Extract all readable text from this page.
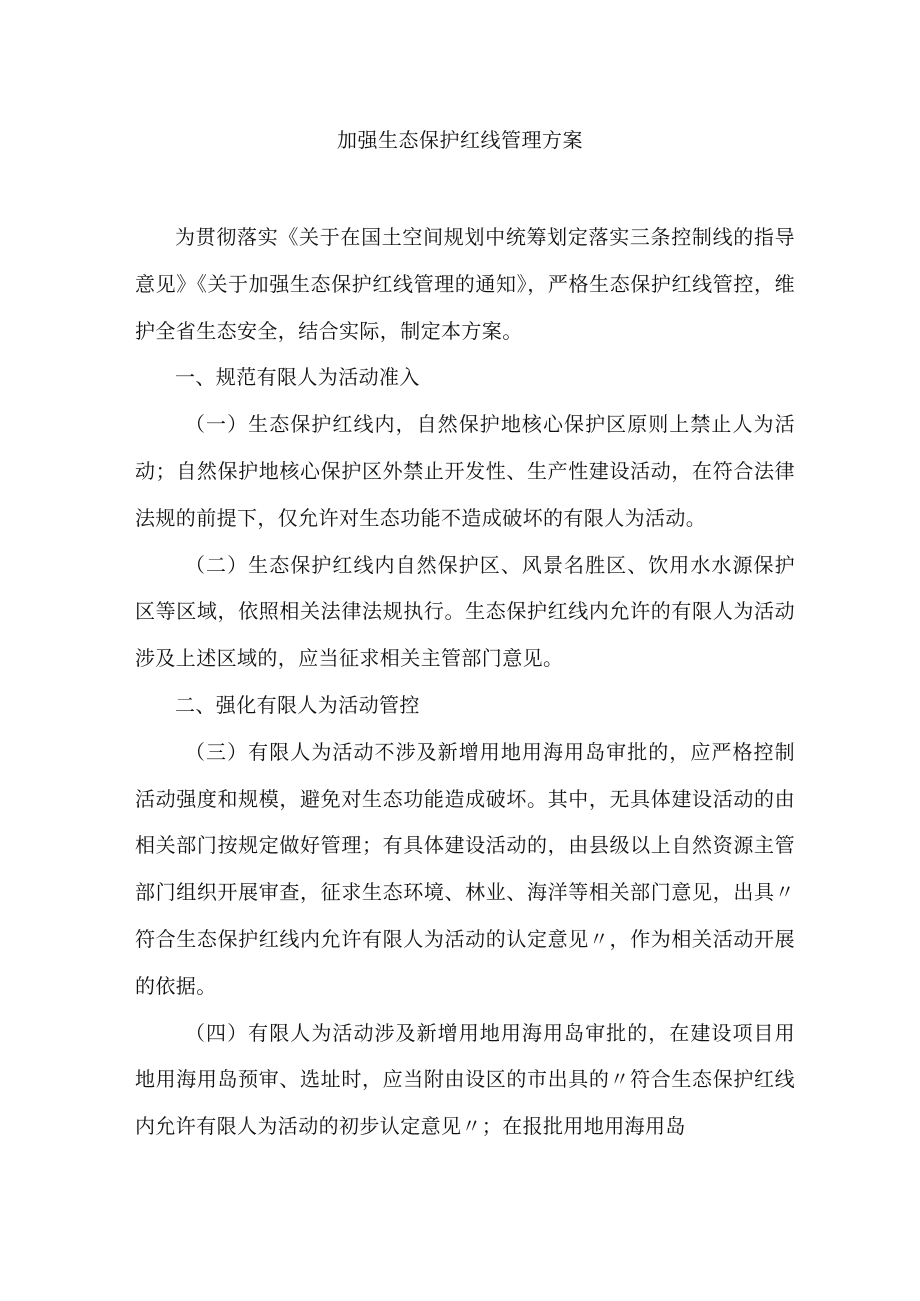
加强生态保护红线管理方案

为贯彻落实《关于在国土空间规划中统筹划定落实三条控制线的指导意见》《关于加强生态保护红线管理的通知》，严格生态保护红线管控，维护全省生态安全，结合实际，制定本方案。

一、规范有限人为活动准入

（一）生态保护红线内，自然保护地核心保护区原则上禁止人为活动；自然保护地核心保护区外禁止开发性、生产性建设活动，在符合法律法规的前提下，仅允许对生态功能不造成破坏的有限人为活动。

（二）生态保护红线内自然保护区、风景名胜区、饮用水水源保护区等区域，依照相关法律法规执行。生态保护红线内允许的有限人为活动涉及上述区域的，应当征求相关主管部门意见。

二、强化有限人为活动管控

（三）有限人为活动不涉及新增用地用海用岛审批的，应严格控制活动强度和规模，避免对生态功能造成破坏。其中，无具体建设活动的由相关部门按规定做好管理；有具体建设活动的，由县级以上自然资源主管部门组织开展审查，征求生态环境、林业、海洋等相关部门意见，出具〃符合生态保护红线内允许有限人为活动的认定意见〃，作为相关活动开展的依据。

（四）有限人为活动涉及新增用地用海用岛审批的，在建设项目用地用海用岛预审、选址时，应当附由设区的市出具的〃符合生态保护红线内允许有限人为活动的初步认定意见〃；在报批用地用海用岛
